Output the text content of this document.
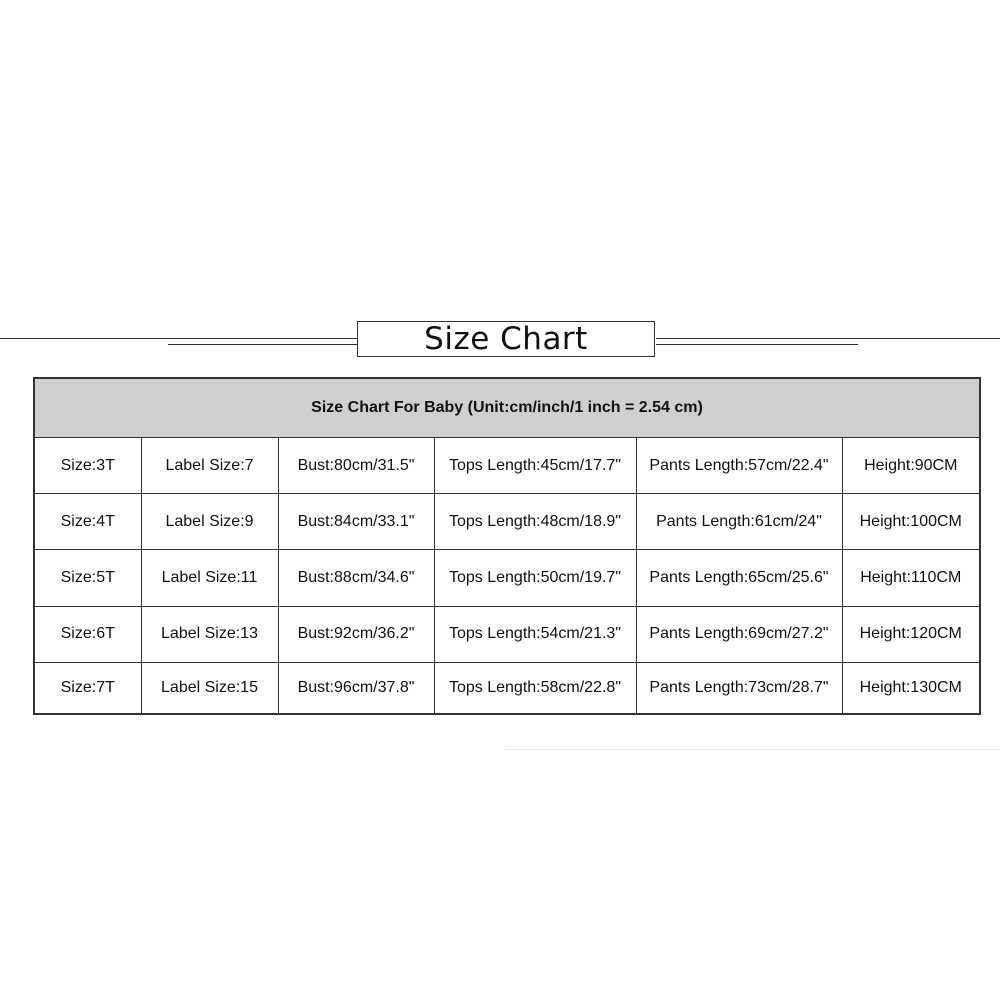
Size Chart
Size Chart For Baby (Unit:cm/inch/1 inch = 2.54 cm)					
Size:3T	Label Size:7	Bust:80cm/31.5"	Tops Length:45cm/17.7"	Pants Length:57cm/22.4"	Height:90CM
Size:4T	Label Size:9	Bust:84cm/33.1"	Tops Length:48cm/18.9"	Pants Length:61cm/24"	Height:100CM
Size:5T	Label Size:11	Bust:88cm/34.6"	Tops Length:50cm/19.7"	Pants Length:65cm/25.6"	Height:110CM
Size:6T	Label Size:13	Bust:92cm/36.2"	Tops Length:54cm/21.3"	Pants Length:69cm/27.2"	Height:120CM
Size:7T	Label Size:15	Bust:96cm/37.8"	Tops Length:58cm/22.8"	Pants Length:73cm/28.7"	Height:130CM
